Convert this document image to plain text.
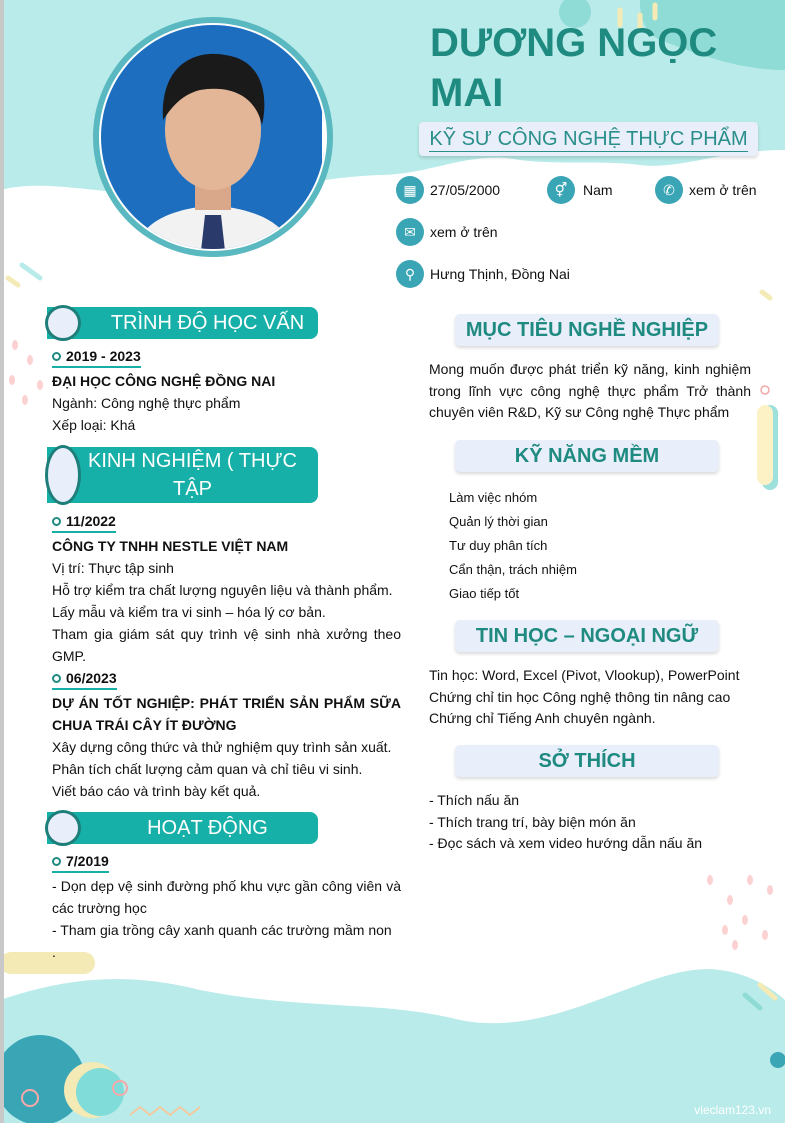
DƯƠNG NGỌC MAI
KỸ SƯ CÔNG NGHỆ THỰC PHẨM
▦ 27/05/2000	⚥	Nam	✆	xem ở trên
✉	xem ở trên
⚲	Hưng Thịnh, Đồng Nai
TRÌNH ĐỘ HỌC VẤN
2019 - 2023
ĐẠI HỌC CÔNG NGHỆ ĐỒNG NAI
Ngành: Công nghệ thực phẩm
Xếp loại: Khá
KINH NGHIỆM ( THỰC TẬP
DỰ ÁN HỌC TẬP )
11/2022
CÔNG TY TNHH NESTLE VIỆT NAM
Vị trí: Thực tập sinh
Hỗ trợ kiểm tra chất lượng nguyên liệu và thành phẩm.
Lấy mẫu và kiểm tra vi sinh – hóa lý cơ bản.
Tham gia giám sát quy trình vệ sinh nhà xưởng theo GMP.
06/2023
DỰ ÁN TỐT NGHIỆP: PHÁT TRIỂN SẢN PHẨM SỮA CHUA TRÁI CÂY ÍT ĐƯỜNG
Xây dựng công thức và thử nghiệm quy trình sản xuất.
Phân tích chất lượng cảm quan và chỉ tiêu vi sinh.
Viết báo cáo và trình bày kết quả.
HOẠT ĐỘNG
7/2019
- Dọn dẹp vệ sinh đường phố khu vực gần công viên và các trường học
- Tham gia trồng cây xanh quanh các trường mầm non
.
MỤC TIÊU NGHỀ NGHIỆP
Mong muốn được phát triển kỹ năng, kinh nghiệm trong lĩnh vực công nghệ thực phẩm Trở thành chuyên viên R&D, Kỹ sư Công nghệ Thực phẩm
KỸ NĂNG MỀM
Làm việc nhóm
Quản lý thời gian
Tư duy phân tích
Cẩn thận, trách nhiệm
Giao tiếp tốt
TIN HỌC – NGOẠI NGỮ
Tin học: Word, Excel (Pivot, Vlookup), PowerPoint
Chứng chỉ tin học Công nghệ thông tin nâng cao
Chứng chỉ Tiếng Anh chuyên ngành.
SỞ THÍCH
- Thích nấu ăn
- Thích trang trí, bày biện món ăn
- Đọc sách và xem video hướng dẫn nấu ăn
vieclam123.vn
